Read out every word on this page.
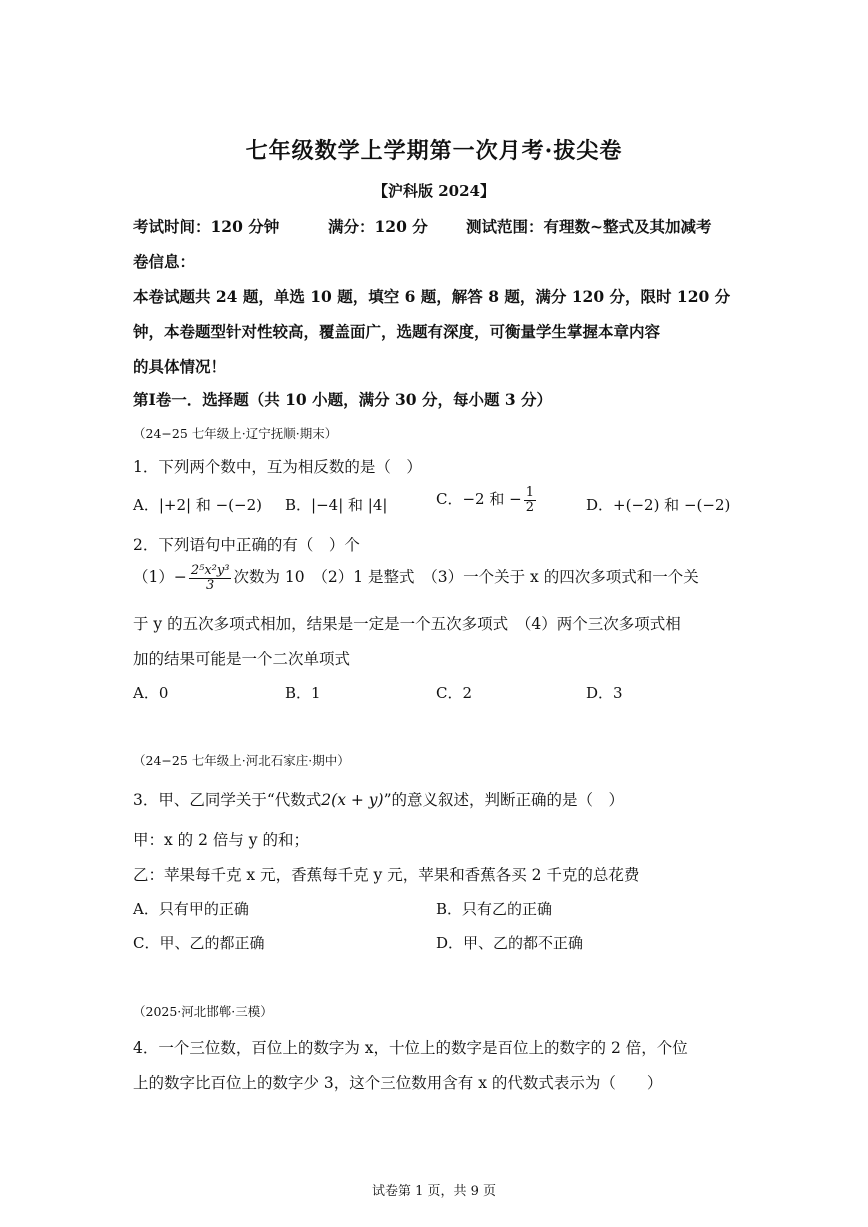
七年级数学上学期第一次月考·拔尖卷
【沪科版 2024】
考试时间：120 分钟	满分：120 分 测试范围：有理数~整式及其加减考
卷信息：
本卷试题共 24 题，单选 10 题，填空 6 题，解答 8 题，满分 120 分，限时 120 分
钟，本卷题型针对性较高，覆盖面广，选题有深度，可衡量学生掌握本章内容
的具体情况！
第Ⅰ卷一．选择题（共 10 小题，满分 30 分，每小题 3 分）
（24−25 七年级上·辽宁抚顺·期末）
1．下列两个数中，互为相反数的是（　）
A．|+2| 和 −(−2) B．|−4| 和 |4|	C．−2 和 − $\frac{1}{2}$	D．+(−2) 和 −(−2)
2．下列语句中正确的有（　）个
$(1)- \frac{\text{2⁵x²y³}}{3}$ 次数为 10　（2）1 是整式　（3）一个关于 x 的四次多项式和一个关
于 y 的五次多项式相加，结果是一定是一个五次多项式　（4）两个三次多项式相
加的结果可能是一个二次单项式
A．0	B．1	C．2	D．3
（24−25 七年级上·河北石家庄·期中）
3．甲、乙同学关于“代数式2(x + y)”的意义叙述，判断正确的是（　）
甲：x 的 2 倍与 y 的和；
乙：苹果每千克 x 元，香蕉每千克 y 元，苹果和香蕉各买 2 千克的总花费
A．只有甲的正确	B．只有乙的正确
C．甲、乙的都正确	D．甲、乙的都不正确
（2025·河北邯郸·三模）
4．一个三位数，百位上的数字为 x，十位上的数字是百位上的数字的 2 倍，个位
上的数字比百位上的数字少 3，这个三位数用含有 x 的代数式表示为（　　）
试卷第 1 页，共 9 页
